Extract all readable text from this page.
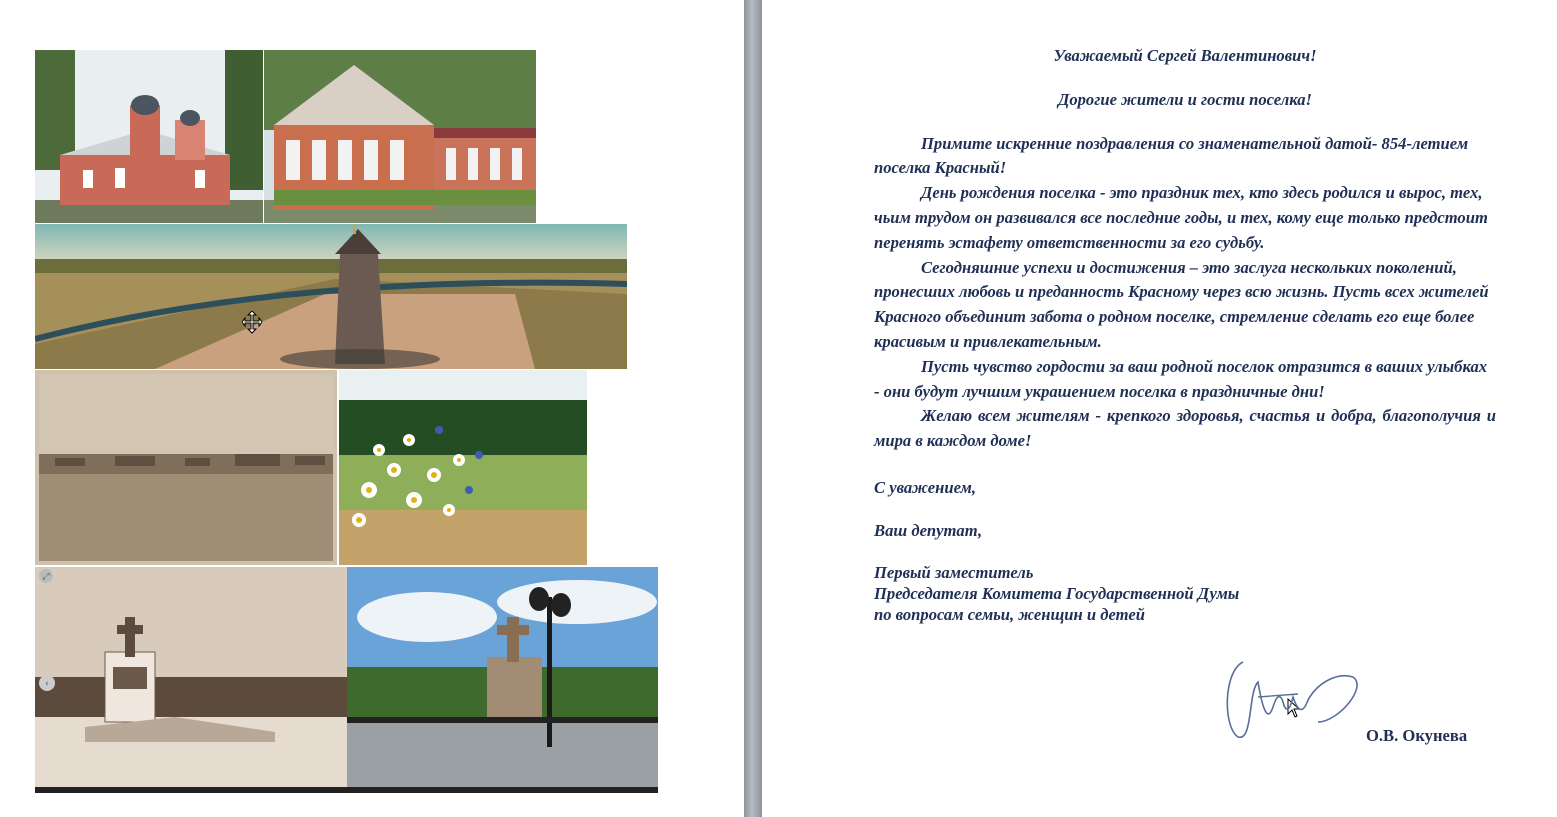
⤢
‹

Уважаемый Сергей Валентинович!

Дорогие жители и гости поселка!

Примите искренние поздравления со знаменательной датой- 854-летием поселка Красный!

День рождения поселка - это праздник тех, кто здесь родился и вырос, тех, чьим трудом он развивался все последние годы, и тех, кому еще только предстоит перенять эстафету ответственности за его судьбу.

Сегодняшние успехи и достижения – это заслуга нескольких поколений, пронесших любовь и преданность Красному через всю жизнь. Пусть всех жителей Красного объединит забота о родном поселке, стремление сделать его еще более красивым и привлекательным.

Пусть чувство гордости за ваш родной поселок отразится в ваших улыбках - они будут лучшим украшением поселка в праздничные дни!

Желаю всем жителям - крепкого здоровья, счастья и добра, благополучия и мира в каждом доме!

С уважением,

Ваш депутат,

Первый заместитель

Председателя Комитета Государственной Думы

по вопросам семьи, женщин и детей

О.В. Окунева
